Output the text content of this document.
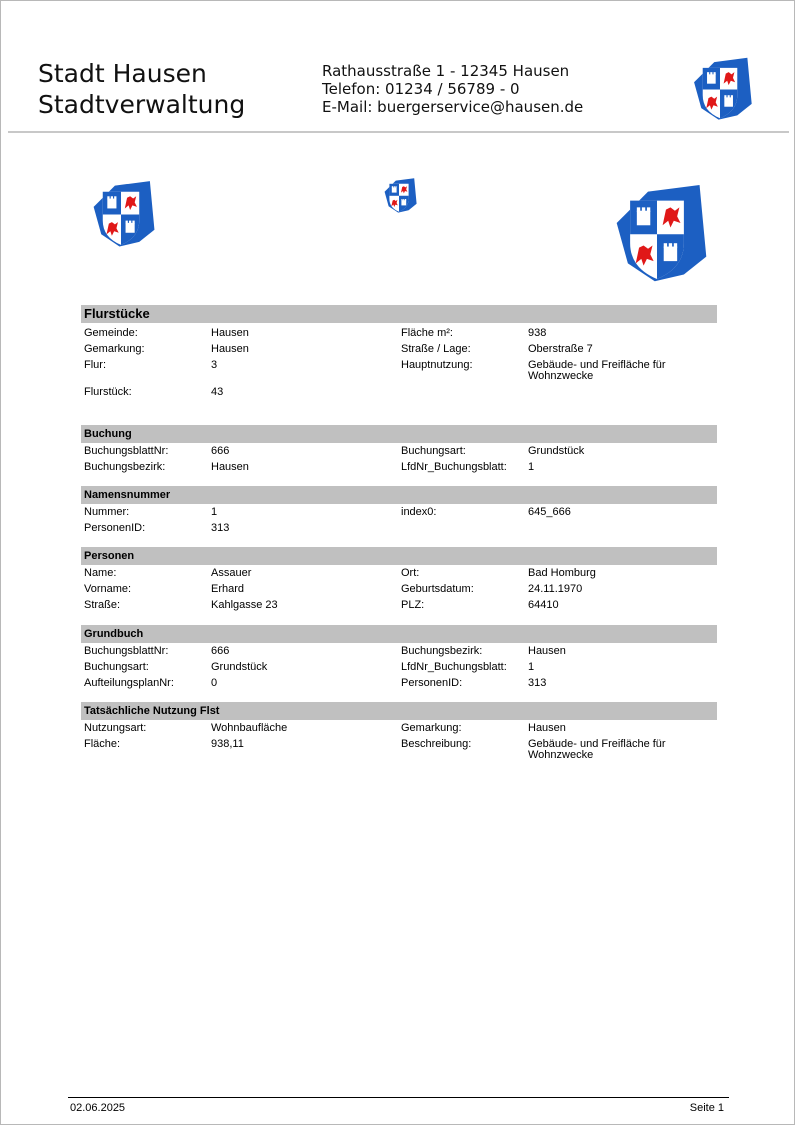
Stadt Hausen
Stadtverwaltung
Rathausstraße 1 - 12345 Hausen
Telefon: 01234 / 56789 - 0
E-Mail: buergerservice@hausen.de
Flurstücke
Gemeinde:	Hausen	Fläche m²:	938
Gemarkung:	Hausen	Straße / Lage:	Oberstraße 7
Flur:	3	Hauptnutzung:	Gebäude- und Freifläche für Wohnzwecke
Flurstück:	43
Buchung
BuchungsblattNr:	666	Buchungsart:	Grundstück
Buchungsbezirk:	Hausen	LfdNr_Buchungsblatt: 1
Namensnummer
Nummer:	1	index0:	645_666
PersonenID:	313
Personen
Name:	Assauer	Ort:	Bad Homburg
Vorname:	Erhard	Geburtsdatum:	24.11.1970
Straße:	Kahlgasse 23	PLZ:	64410
Grundbuch
BuchungsblattNr:	666	Buchungsbezirk:	Hausen
Buchungsart:	Grundstück	LfdNr_Buchungsblatt: 1
AufteilungsplanNr:	0	PersonenID:	313
Tatsächliche Nutzung Flst
Nutzungsart:	Wohnbaufläche	Gemarkung:	Hausen
Fläche:	938,11	Beschreibung:	Gebäude- und Freifläche für Wohnzwecke
02.06.2025	Seite 1
